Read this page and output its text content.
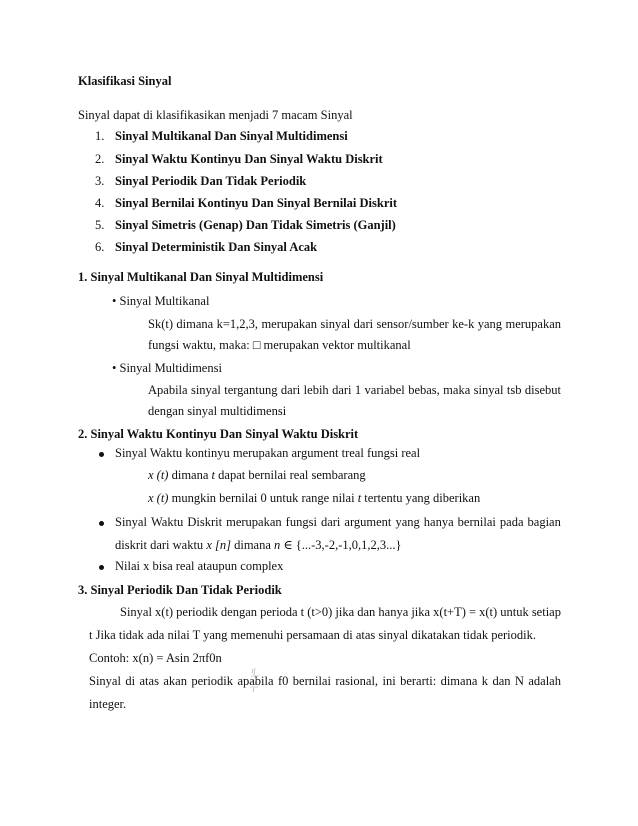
Klasifikasi Sinyal
Sinyal dapat di klasifikasikan menjadi 7 macam Sinyal
1. Sinyal Multikanal Dan Sinyal Multidimensi
2. Sinyal Waktu Kontinyu Dan Sinyal Waktu Diskrit
3. Sinyal Periodik Dan Tidak Periodik
4. Sinyal Bernilai Kontinyu Dan Sinyal Bernilai Diskrit
5. Sinyal Simetris (Genap) Dan Tidak Simetris (Ganjil)
6. Sinyal Deterministik Dan Sinyal Acak
1. Sinyal Multikanal Dan Sinyal Multidimensi
• Sinyal Multikanal
Sk(t) dimana k=1,2,3, merupakan sinyal dari sensor/sumber ke-k yang merupakan
fungsi waktu, maka: □ merupakan vektor multikanal
• Sinyal Multidimensi
Apabila sinyal tergantung dari lebih dari 1 variabel bebas, maka sinyal tsb disebut
dengan sinyal multidimensi
2. Sinyal Waktu Kontinyu Dan Sinyal Waktu Diskrit
Sinyal Waktu kontinyu merupakan argument treal fungsi real
x (t) dimana t dapat bernilai real sembarang
x (t) mungkin bernilai 0 untuk range nilai t tertentu yang diberikan
Sinyal Waktu Diskrit merupakan fungsi dari argument yang hanya bernilai pada bagian
diskrit dari waktu x [n] dimana n ∈ {...-3,-2,-1,0,1,2,3...}
Nilai x bisa real ataupun complex
3. Sinyal Periodik Dan Tidak Periodik
Sinyal x(t) periodik dengan perioda t (t>0) jika dan hanya jika x(t+T) = x(t) untuk setiap
t Jika tidak ada nilai T yang memenuhi persamaan di atas sinyal dikatakan tidak periodik.
Contoh: x(n) = Asin 2πf0n
Sinyal di atas akan periodik apabila f0 bernilai rasional, ini berarti: dimana k dan N adalah
integer.
